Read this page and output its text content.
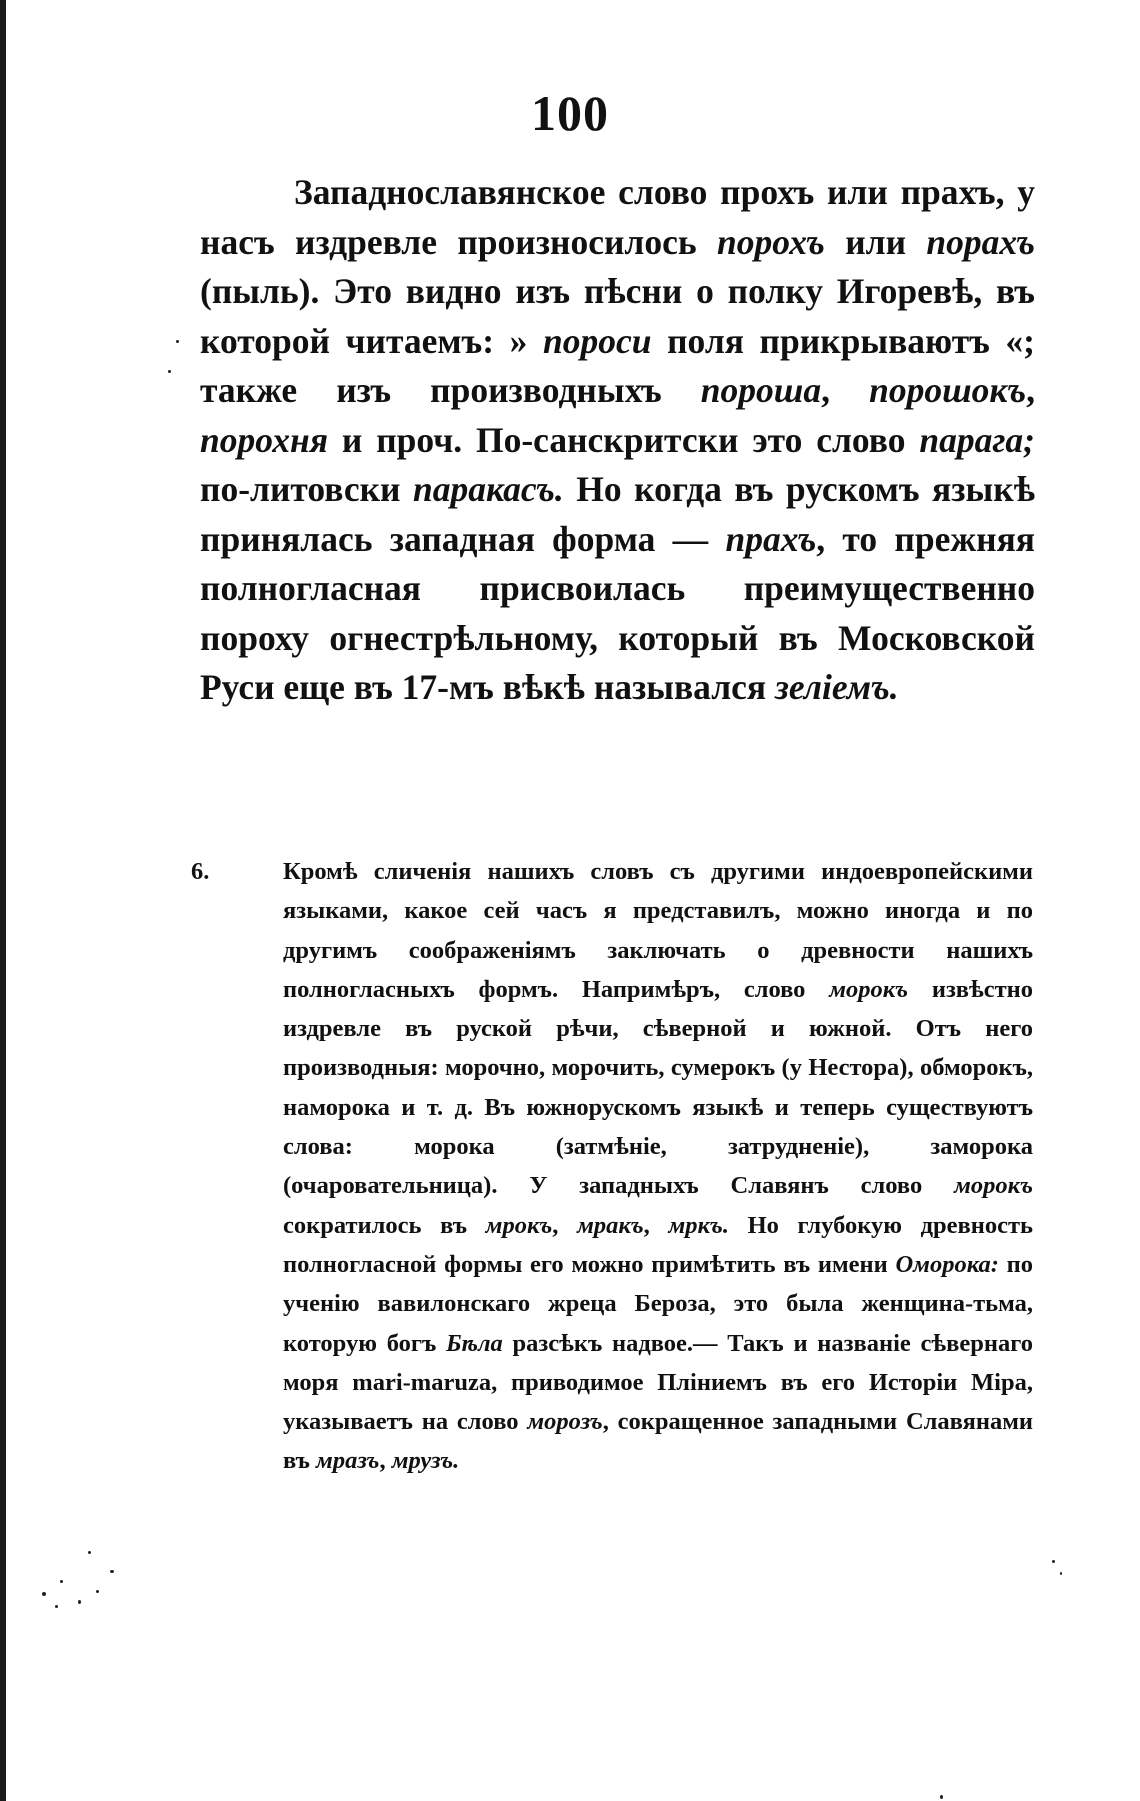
100

Западнославянское слово прохъ или прахъ, у насъ издревле произносилось порохъ или порахъ (пыль). Это видно изъ пѣсни о полку Игоревѣ, въ которой читаемъ: » пороси поля прикрываютъ «; также изъ производныхъ пороша, порошокъ, порохня и проч. По-санскритски это слово парага; по-литовски паракасъ. Но когда въ рускомъ языкѣ принялась западная форма — прахъ, то прежняя полногласная присвоилась преимущественно пороху огнестрѣльному, который въ Московской Руси еще въ 17-мъ вѣкѣ назывался зеліемъ.

6.	Кромѣ сличенія нашихъ словъ съ другими индоевропейскими языками, какое сей часъ я представилъ, можно иногда и по другимъ соображеніямъ заключать о древности нашихъ полногласныхъ формъ. Напримѣръ, слово морокъ извѣстно издревле въ руской рѣчи, сѣверной и южной. Отъ него производныя: морочно, морочить, сумерокъ (у Нестора), обморокъ, наморока и т. д. Въ южнорускомъ языкѣ и теперь существуютъ слова: морока (затмѣніе, затрудненіе), заморока (очаровательница). У западныхъ Славянъ слово морокъ сократилось въ мрокъ, мракъ, мркъ. Но глубокую древность полногласной формы его можно примѣтить въ имени Оморока: по ученію вавилонскаго жреца Бероза, это была женщина-тьма, которую богъ Бѣла разсѣкъ надвое.— Такъ и названіе сѣвернаго моря mari-maruza, приводимое Пліниемъ въ его Исторіи Міра, указываетъ на слово морозъ, сокращенное западными Славянами въ мразъ, мрузъ.
